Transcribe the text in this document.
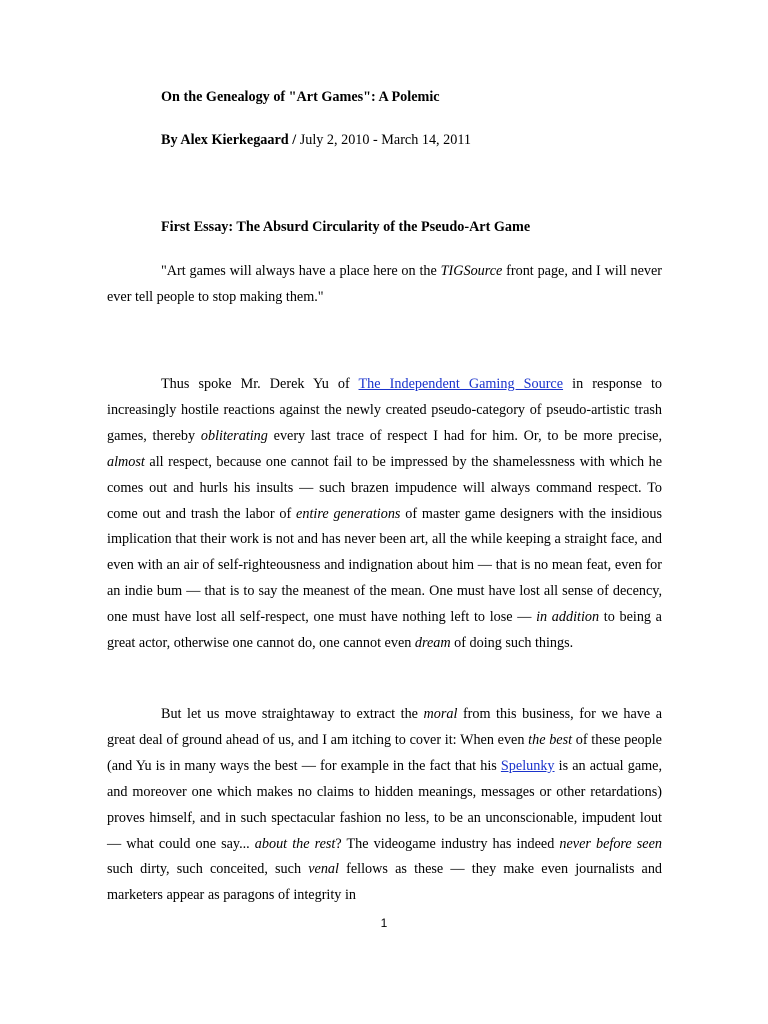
On the Genealogy of "Art Games": A Polemic
By Alex Kierkegaard / July 2, 2010 - March 14, 2011
First Essay: The Absurd Circularity of the Pseudo-Art Game

"Art games will always have a place here on the TIGSource front page, and I will never ever tell people to stop making them."

Thus spoke Mr. Derek Yu of The Independent Gaming Source in response to increasingly hostile reactions against the newly created pseudo-category of pseudo-artistic trash games, thereby obliterating every last trace of respect I had for him. Or, to be more precise, almost all respect, because one cannot fail to be impressed by the shamelessness with which he comes out and hurls his insults — such brazen impudence will always command respect. To come out and trash the labor of entire generations of master game designers with the insidious implication that their work is not and has never been art, all the while keeping a straight face, and even with an air of self-righteousness and indignation about him — that is no mean feat, even for an indie bum — that is to say the meanest of the mean. One must have lost all sense of decency, one must have lost all self-respect, one must have nothing left to lose — in addition to being a great actor, otherwise one cannot do, one cannot even dream of doing such things.

But let us move straightaway to extract the moral from this business, for we have a great deal of ground ahead of us, and I am itching to cover it: When even the best of these people (and Yu is in many ways the best — for example in the fact that his Spelunky is an actual game, and moreover one which makes no claims to hidden meanings, messages or other retardations) proves himself, and in such spectacular fashion no less, to be an unconscionable, impudent lout — what could one say... about the rest? The videogame industry has indeed never before seen such dirty, such conceited, such venal fellows as these — they make even journalists and marketers appear as paragons of integrity in

1
